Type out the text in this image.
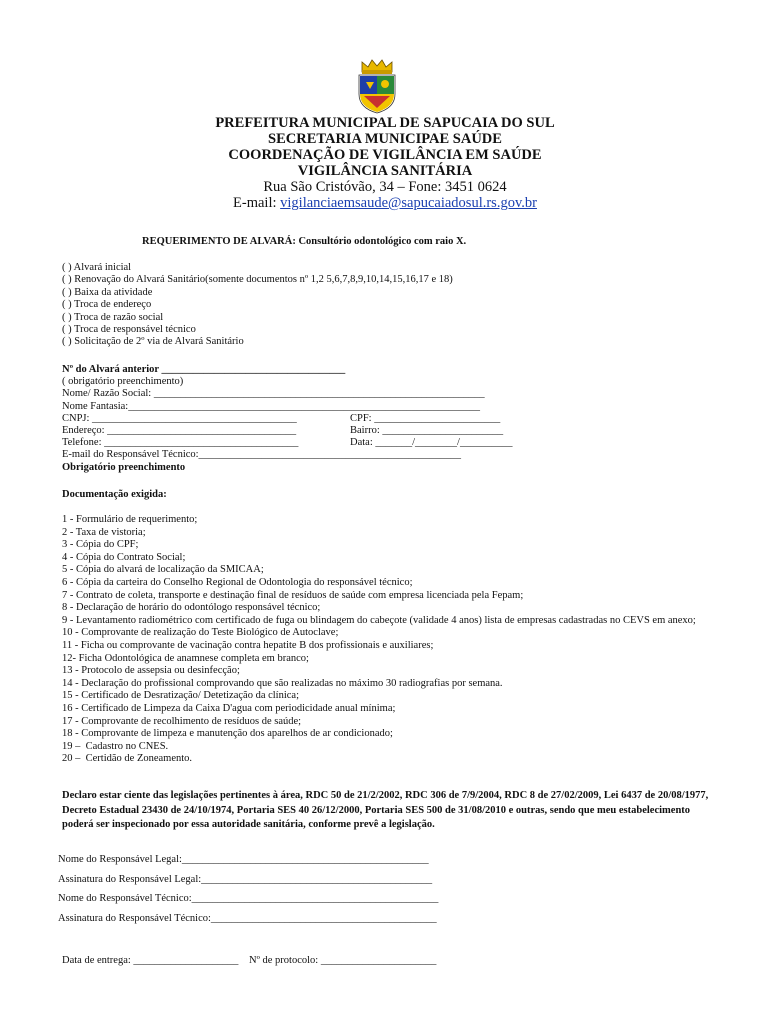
PREFEITURA MUNICIPAL DE SAPUCAIA DO SUL
SECRETARIA MUNICIPAE SAÚDE
COORDENAÇÃO DE VIGILÂNCIA EM SAÚDE
VIGILÂNCIA SANITÁRIA
Rua São Cristóvão, 34 – Fone: 3451 0624
E-mail: vigilanciaemsaude@sapucaiadosul.rs.gov.br
REQUERIMENTO DE ALVARÁ: Consultório odontológico com raio X.
( ) Alvará inicial
( ) Renovação do Alvará Sanitário(somente documentos nº 1,2 5,6,7,8,9,10,14,15,16,17 e 18)
( ) Baixa da atividade
( ) Troca de endereço
( ) Troca de razão social
( ) Troca de responsável técnico
( ) Solicitação de 2º via de Alvará Sanitário
Nº do Alvará anterior ___________________________________
( obrigatório preenchimento)
Nome/ Razão Social: _______________________________________________________________
Nome Fantasia:___________________________________________________________________
CNPJ: _______________________________________	CPF: ________________________
Endereço: ____________________________________	Bairro: _______________________
Telefone: _____________________________________	Data: _______/________/__________
E-mail do Responsável Técnico:__________________________________________________
Obrigatório preenchimento
Documentação exigida:
1 - Formulário de requerimento;
2 - Taxa de vistoria;
3 - Cópia do CPF;
4 - Cópia do Contrato Social;
5 - Cópia do alvará de localização da SMICAA;
6 - Cópia da carteira do Conselho Regional de Odontologia do responsável técnico;
7 - Contrato de coleta, transporte e destinação final de resíduos de saúde com empresa licenciada pela Fepam;
8 - Declaração de horário do odontólogo responsável técnico;
9 - Levantamento radiométrico com certificado de fuga ou blindagem do cabeçote (validade 4 anos) lista de empresas cadastradas no CEVS em anexo;
10 - Comprovante de realização do Teste Biológico de Autoclave;
11 - Ficha ou comprovante de vacinação contra hepatite B dos profissionais e auxiliares;
12- Ficha Odontológica de anamnese completa em branco;
13 - Protocolo de assepsia ou desinfecção;
14 - Declaração do profissional comprovando que são realizadas no máximo 30 radiografias por semana.
15 - Certificado de Desratização/ Detetização da clínica;
16 - Certificado de Limpeza da Caixa D'agua com periodicidade anual mínima;
17 - Comprovante de recolhimento de resíduos de saúde;
18 - Comprovante de limpeza e manutenção dos aparelhos de ar condicionado;
19 –  Cadastro no CNES.
20 –  Certidão de Zoneamento.
Declaro estar ciente das legislações pertinentes à área, RDC 50 de 21/2/2002, RDC 306 de 7/9/2004, RDC 8 de 27/02/2009, Lei 6437 de 20/08/1977, Decreto Estadual 23430 de 24/10/1974, Portaria SES 40 26/12/2000, Portaria SES 500 de 31/08/2010 e outras, sendo que meu estabelecimento poderá ser inspecionado por essa autoridade sanitária, conforme prevê a legislação.
Nome do Responsável Legal:_______________________________________________
Assinatura do Responsável Legal:____________________________________________
Nome do Responsável Técnico:_______________________________________________
Assinatura do Responsável Técnico:___________________________________________
Data de entrega: ____________________ Nº de protocolo: ______________________
